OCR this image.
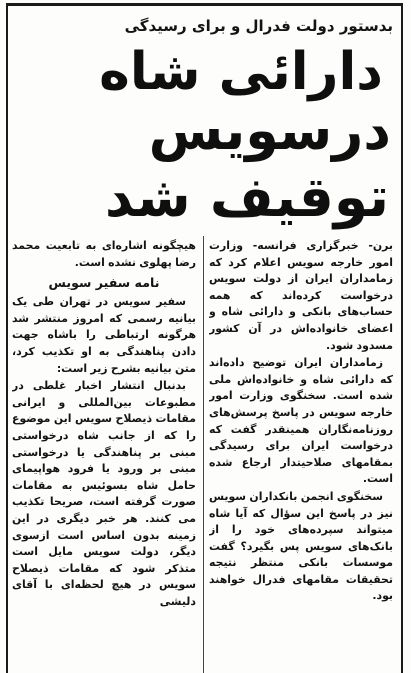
بدستور دولت فدرال و برای رسیدگی
دارائی شاه
درسویس
توقیف شد

برن- خبرگزاری فرانسه- وزارت امور خارجه سویس اعلام کرد که زمامداران ایران از دولت سویس درخواست کرده‌اند که همه حساب‌های بانکی و دارائی شاه و اعضای خانواده‌اش در آن کشور مسدود شود.

زمامداران ایران توضیح داده‌اند که دارائی شاه و خانواده‌اش ملی شده است. سخنگوی وزارت امور خارجه سویس در پاسخ پرسش‌های روزنامه‌نگاران همینقدر گفت که درخواست ایران برای رسیدگی بمقامهای صلاحیتدار ارجاع شده است.

سخنگوی انجمن بانکداران سویس نیز در پاسخ این سؤال که آیا شاه میتواند سپرده‌های خود را از بانک‌های سویس پس بگیرد؟ گفت موسسات بانکی منتظر نتیجه تحقیقات مقامهای فدرال خواهند بود.

هیچگونه اشاره‌ای به تابعیت محمد رضا پهلوی نشده است.

نامه سفیر سویس

سفیر سویس در تهران طی یک بیانیه رسمی که امروز منتشر شد هرگونه ارتباطی را باشاه جهت دادن پناهندگی به او تکذیب کرد، متن بیانیه بشرح زیر است:

بدنبال انتشار اخبار غلطی در مطبوعات بین‌المللی و ایرانی مقامات ذیصلاح سویس این موضوع را که از جانب شاه درخواستی مبنی بر پناهندگی یا درخواستی مبنی بر ورود یا فرود هواپیمای حامل شاه بسوئیس به مقامات صورت گرفته است، صریحا تکذیب می کنند. هر خبر دیگری در این زمینه بدون اساس است ازسوی دیگر، دولت سویس مایل است متذکر شود که مقامات ذیصلاح سویس در هیچ لحظه‌ای با آقای دلیشی
